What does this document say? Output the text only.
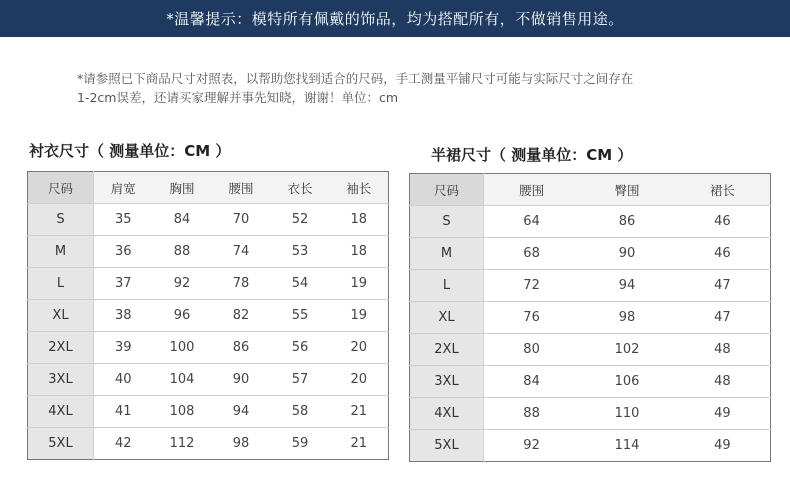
*温馨提示：模特所有佩戴的饰品，均为搭配所有，不做销售用途。
*请参照已下商品尺寸对照表，以帮助您找到适合的尺码，手工测量平铺尺寸可能与实际尺寸之间存在
1-2cm误差，还请买家理解并事先知晓，谢谢！单位：cm
衬衣尺寸（ 测量单位：CM ）	半裙尺寸（ 测量单位：CM ）
尺码	肩宽	胸围	腰围	衣长	袖长
S	35	84	70	52	18
M	36	88	74	53	18
L	37	92	78	54	19
XL	38	96	82	55	19
2XL	39	100	86	56	20
3XL	40	104	90	57	20
4XL	41	108	94	58	21
5XL	42	112	98	59	21
尺码	腰围	臀围	裙长
S	64	86	46
M	68	90	46
L	72	94	47
XL	76	98	47
2XL	80	102	48
3XL	84	106	48
4XL	88	110	49
5XL	92	114	49
